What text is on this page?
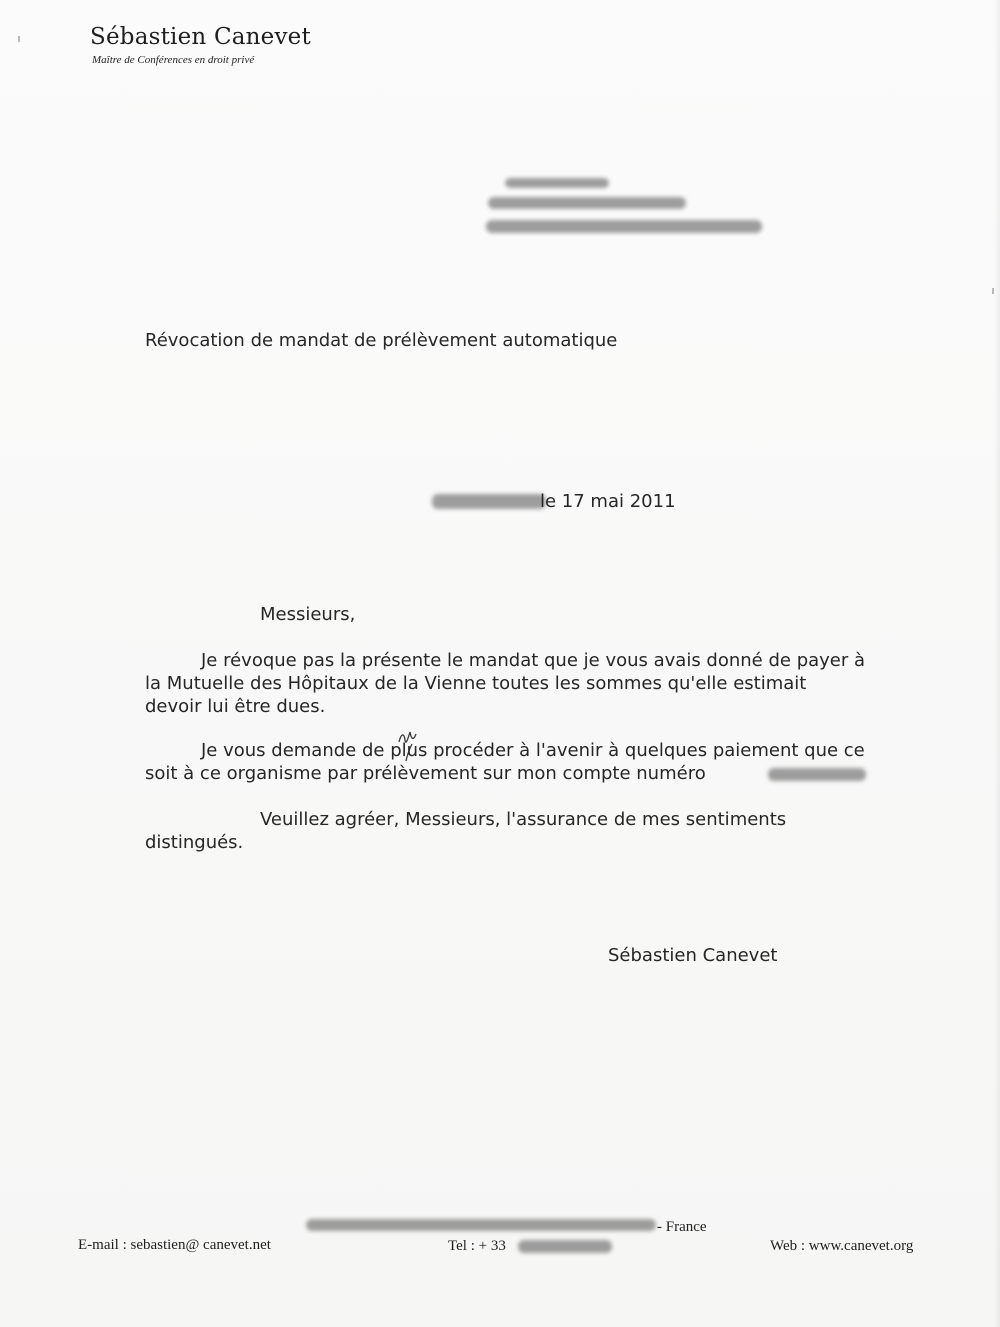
Sébastien Canevet
Maître de Conférences en droit privé
Révocation de mandat de prélèvement automatique
le 17 mai 2011
Messieurs,
Je révoque pas la présente le mandat que je vous avais donné de payer à
la Mutuelle des Hôpitaux de la Vienne toutes les sommes qu'elle estimait
devoir lui être dues.
Je vous demande de plus procéder à l'avenir à quelques paiement que ce
soit à ce organisme par prélèvement sur mon compte numéro
Veuillez agréer, Messieurs, l'assurance de mes sentiments
distingués.
Sébastien Canevet
- France
E-mail : sebastien@ canevet.net	Tel : + 33	Web : www.canevet.org
